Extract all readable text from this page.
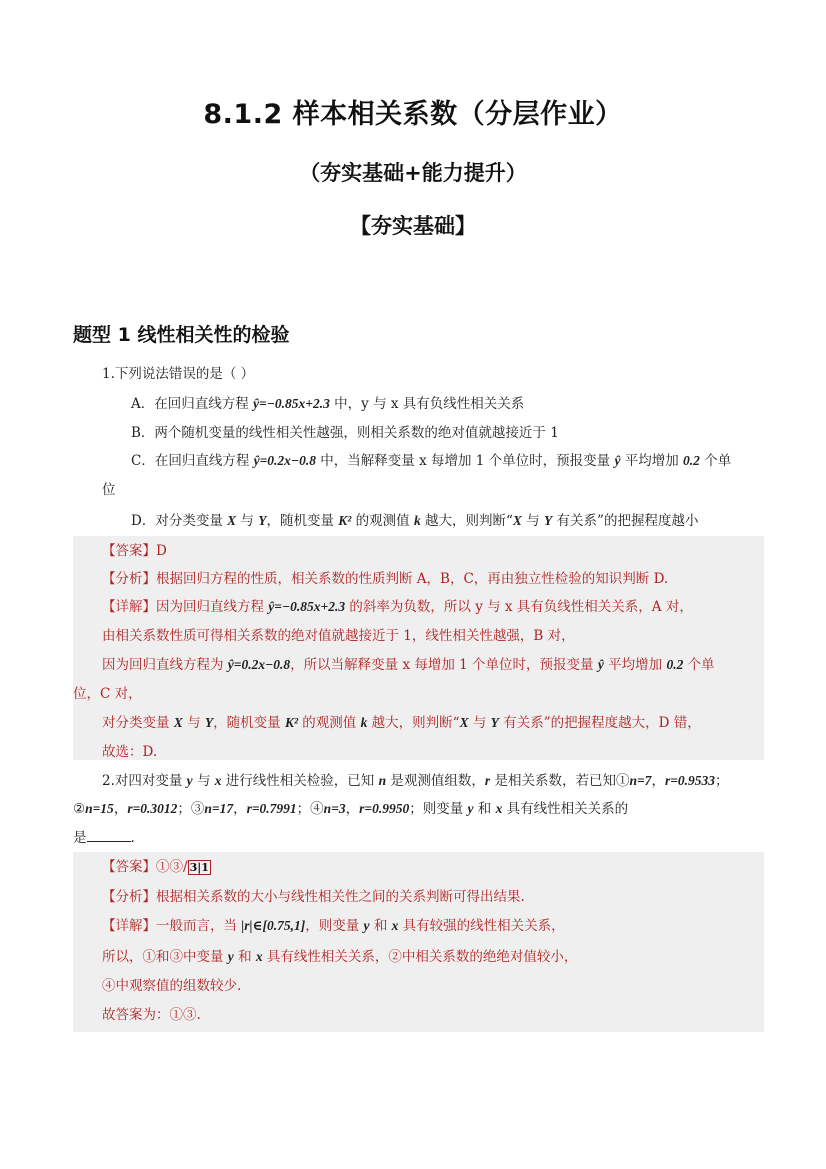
8.1.2 样本相关系数（分层作业）
（夯实基础+能力提升）
【夯实基础】
题型 1 线性相关性的检验
1.下列说法错误的是（ ）
A．在回归直线方程 ŷ=−0.85x+2.3 中，y 与 x 具有负线性相关关系
B．两个随机变量的线性相关性越强，则相关系数的绝对值就越接近于 1
C．在回归直线方程 ŷ=0.2x−0.8 中，当解释变量 x 每增加 1 个单位时，预报变量 ŷ 平均增加 0.2 个单
位
D．对分类变量 X 与 Y，随机变量 K² 的观测值 k 越大，则判断“X 与 Y 有关系”的把握程度越小
【答案】D
【分析】根据回归方程的性质，相关系数的性质判断 A，B，C，再由独立性检验的知识判断 D.
【详解】因为回归直线方程 ŷ=−0.85x+2.3 的斜率为负数，所以 y 与 x 具有负线性相关关系，A 对，
由相关系数性质可得相关系数的绝对值就越接近于 1，线性相关性越强，B 对，
因为回归直线方程为 ŷ=0.2x−0.8，所以当解释变量 x 每增加 1 个单位时，预报变量 ŷ 平均增加 0.2 个单
位，C 对，
对分类变量 X 与 Y，随机变量 K² 的观测值 k 越大，则判断“X 与 Y 有关系”的把握程度越大，D 错，
故选：D.
2.对四对变量 y 与 x 进行线性相关检验，已知 n 是观测值组数，r 是相关系数，若已知①n=7，r=0.9533；
②n=15，r=0.3012；③n=17，r=0.7991；④n=3，r=0.9950；则变量 y 和 x 具有线性相关关系的
是	.
【答案】①③/ 3|1
【分析】根据相关系数的大小与线性相关性之间的关系判断可得出结果.
【详解】一般而言，当 |r|∈[0.75,1]，则变量 y 和 x 具有较强的线性相关关系，
所以，①和③中变量 y 和 x 具有线性相关关系，②中相关系数的绝绝对值较小，
④中观察值的组数较少.
故答案为：①③.
